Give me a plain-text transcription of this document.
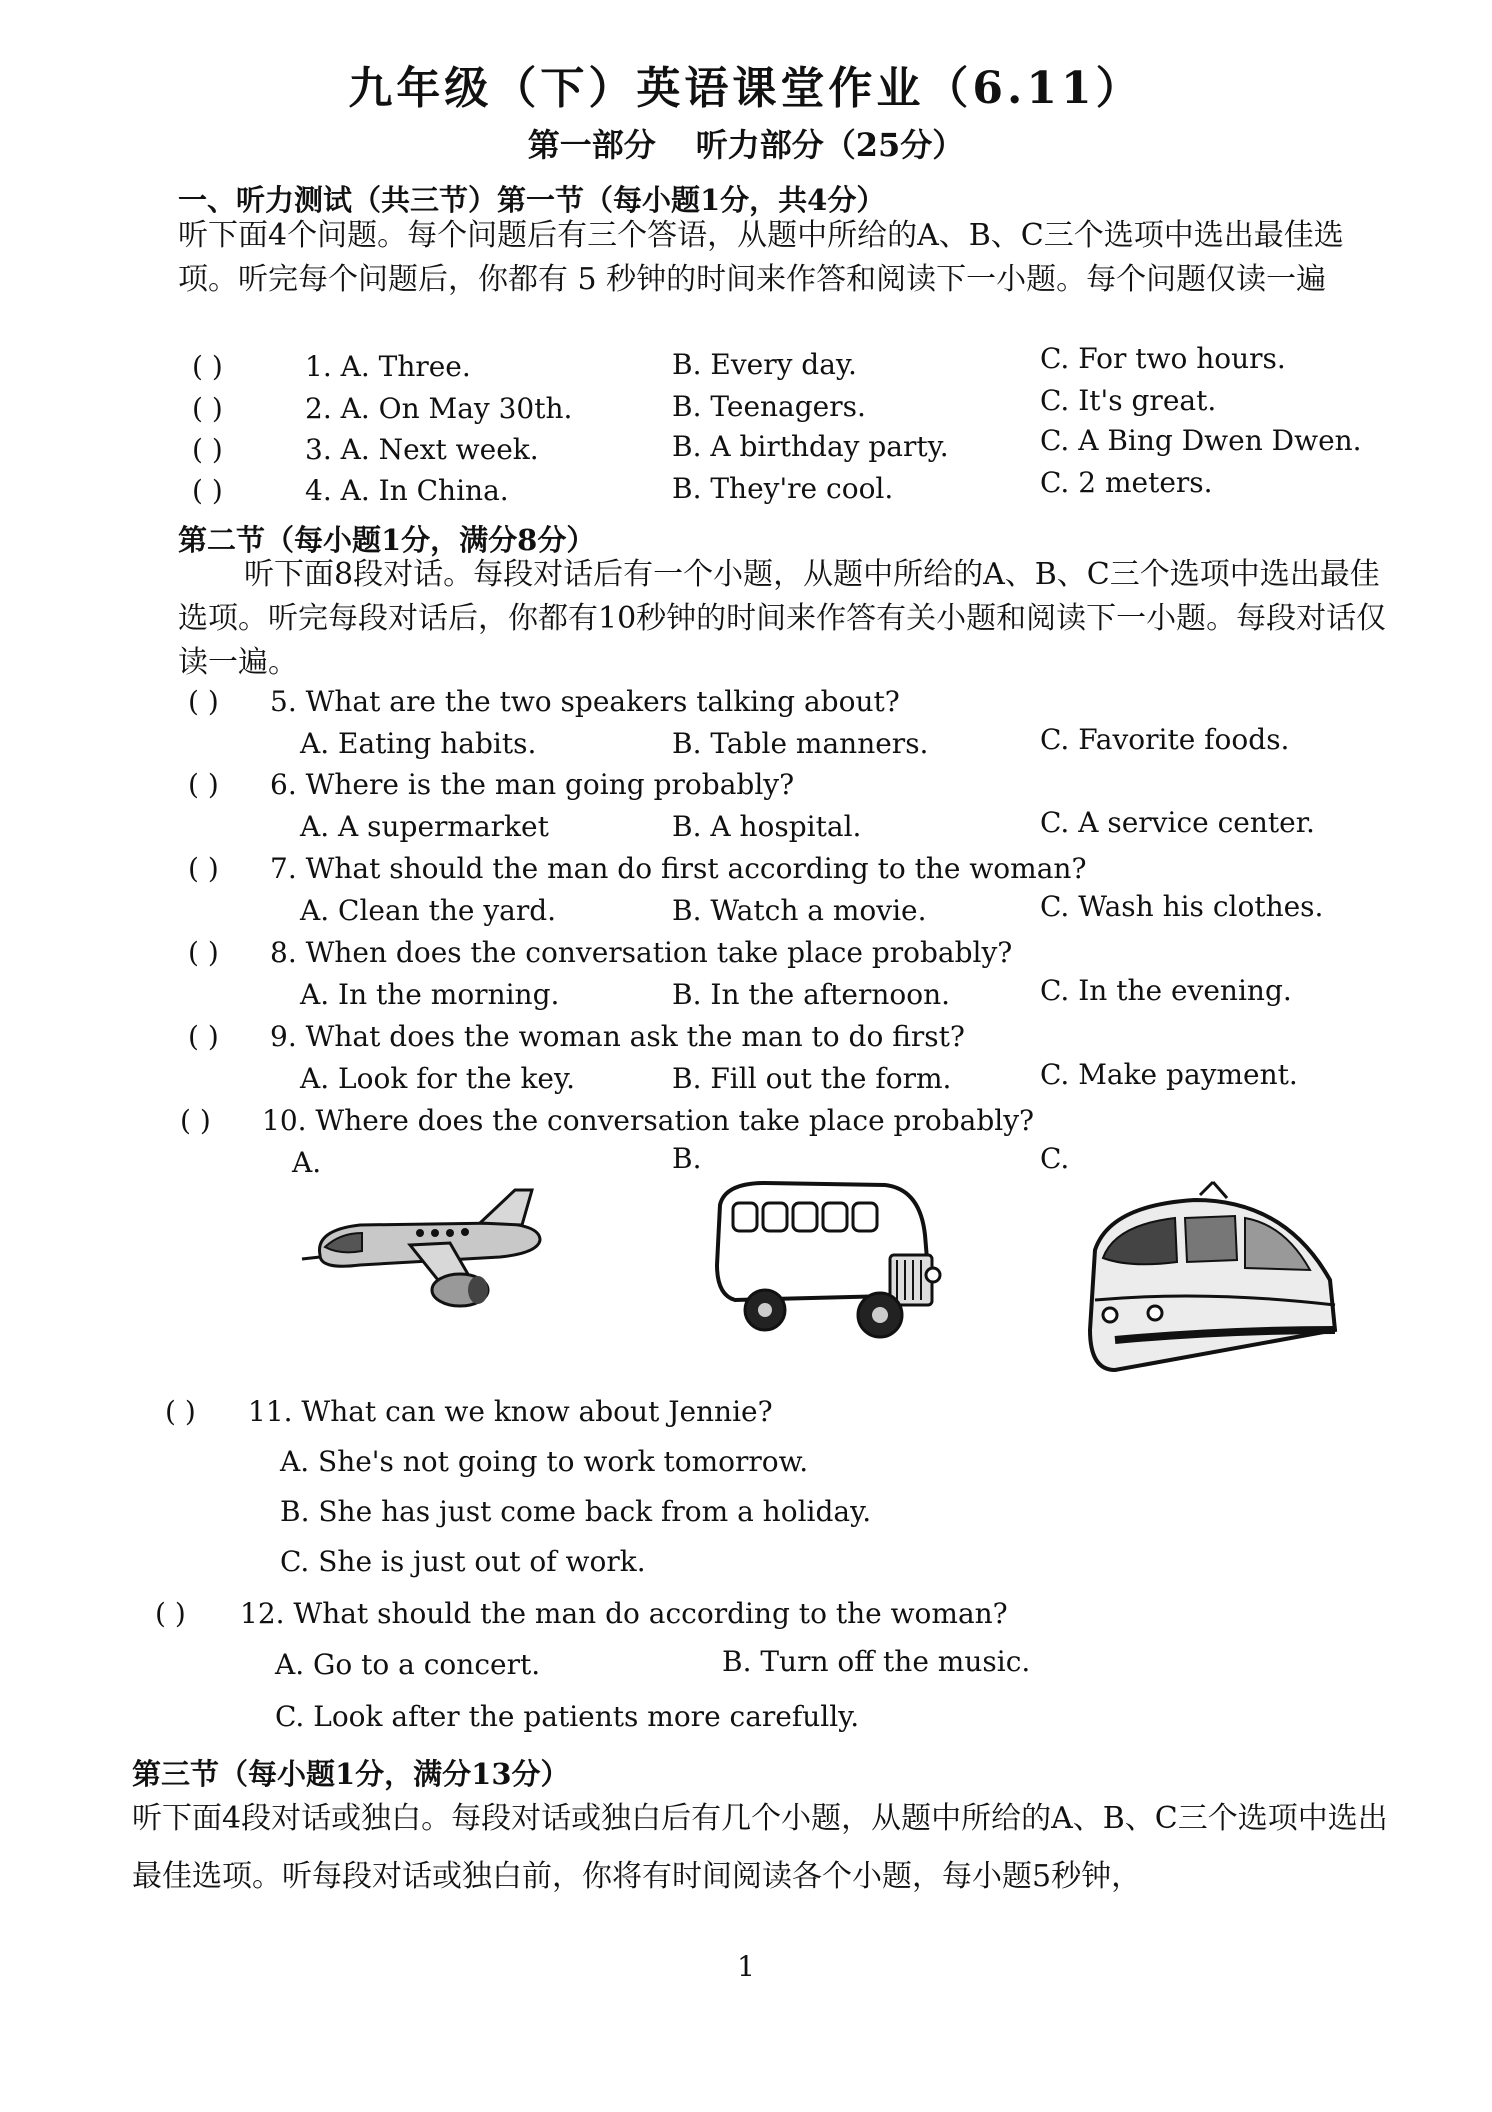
九年级（下）英语课堂作业（6.11）
第一部分 听力部分（25分）
一、听力测试（共三节）第一节（每小题1分，共4分）
听下面4个问题。每个问题后有三个答语，从题中所给的A、B、C三个选项中选出最佳选项。听完每个问题后，你都有 5 秒钟的时间来作答和阅读下一小题。每个问题仅读一遍
( )	1. A. Three.	B. Every day.	C. For two hours.
( )	2. A. On May 30th.	B. Teenagers.	C. It's great.
( )	3. A. Next week.	B. A birthday party.	C. A Bing Dwen Dwen.
( )	4. A. In China.	B. They're cool.	C. 2 meters.
第二节（每小题1分，满分8分）
听下面8段对话。每段对话后有一个小题，从题中所给的A、B、C三个选项中选出最佳选项。听完每段对话后，你都有10秒钟的时间来作答有关小题和阅读下一小题。每段对话仅读一遍。
( ) 5. What are the two speakers talking about?
A. Eating habits.	B. Table manners.	C. Favorite foods.
( ) 6. Where is the man going probably?
A. A supermarket	B. A hospital.	C. A service center.
( ) 7. What should the man do first according to the woman?
A. Clean the yard.	B. Watch a movie.	C. Wash his clothes.
( ) 8. When does the conversation take place probably?
A. In the morning.	B. In the afternoon.	C. In the evening.
( ) 9. What does the woman ask the man to do first?
A. Look for the key.	B. Fill out the form.	C. Make payment.
( ) 10. Where does the conversation take place probably?
A.	B.	C.
( ) 11. What can we know about Jennie?
A. She's not going to work tomorrow.
B. She has just come back from a holiday.
C. She is just out of work.
( ) 12. What should the man do according to the woman?
A. Go to a concert.	B. Turn off the music.
C. Look after the patients more carefully.
第三节（每小题1分，满分13分）
听下面4段对话或独白。每段对话或独白后有几个小题，从题中所给的A、B、C三个选项中选出最佳选项。听每段对话或独白前，你将有时间阅读各个小题，每小题5秒钟，
1
